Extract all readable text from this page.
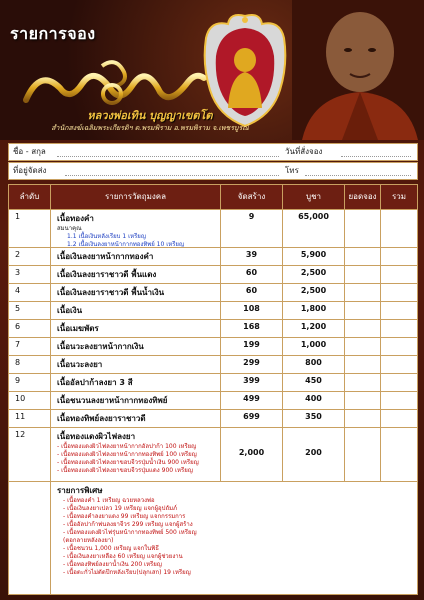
รายการจอง
หลวงพ่อเทิน บุญญาเขตโต
สำนักสงฆ์เฉลิมพระเกียรติฯ ต.พรมพิราม อ.พรมพิราม จ.เพชรบูรณ์
ชื่อ - สกุล	วันที่สั่งจอง
ที่อยู่จัดส่ง	โทร
ลำดับ	รายการวัตถุมงคล	จัดสร้าง	บูชา	ยอดจอง	รวม
1	เนื้อทองคำ
สมนาคุณ
1.1 เนื้อเงินหลังเรียบ 1 เหรียญ
1.2 เนื้อเงินลงยาหน้ากากทองทิพย์ 10 เหรียญ
9	65,000
2	เนื้อเงินลงยาหน้ากากทองคำ	39	5,900
3	เนื้อเงินลงยาราชาวดี พื้นแดง	60	2,500
4	เนื้อเงินลงยาราชาวดี พื้นน้ำเงิน	60	2,500
5	เนื้อเงิน	108	1,800
6	เนื้อเมฆพัตร	168	1,200
7	เนื้อนวะลงยาหน้ากากเงิน	199	1,000
8	เนื้อนวะลงยา	299	800
9	เนื้ออัลปาก้าลงยา 3 สี	399	450
10	เนื้อชนวนลงยาหน้ากากทองทิพย์	499	400
11	เนื้อทองทิพย์ลงยาราชาวดี	699	350
12	เนื้อทองแดงผิวไฟลงยา
- เนื้อทองแดงผิวไฟลงยาหน้ากากอัลปาก้า 100 เหรียญ
- เนื้อทองแดงผิวไฟลงยาหน้ากากทองทิพย์ 100 เหรียญ
- เนื้อทองแดงผิวไฟลงยาขอบจีวรปุ่มน้ำเงิน 900 เหรียญ
- เนื้อทองแดงผิวไฟลงยาขอบจีวรปุ่มแดง 900 เหรียญ
2,000	200
รายการพิเศษ
- เนื้อทองคำ 1 เหรียญ ฉวยหลวงพ่อ
- เนื้อเงินลงยาเปลว 19 เหรียญ แจกผู้อุปถัมภ์
- เนื้อทองคำลงยาแดง 99 เหรียญ แจกกรรมการ
- เนื้ออัลปาก้าพ่นลงยาจีวร 299 เหรียญ แจกผู้สร้าง
- เนื้อทองแดงผิวไฟรุ่นหน้ากากทองทิพย์ 500 เหรียญ
(ตอกลายหลังลงยา)
- เนื้อชนวน 1,000 เหรียญ แจกในพิธี
- เนื้อเงินลงยาเหลือง 60 เหรียญ แจกผู้ช่วยงาน
- เนื้อทองทิพย์ลงยาน้ำเงิน 200 เหรียญ
- เนื้อตะกั่วไม่ตัดปีกหลังเรียบ(ปลุกเสก) 19 เหรียญ
